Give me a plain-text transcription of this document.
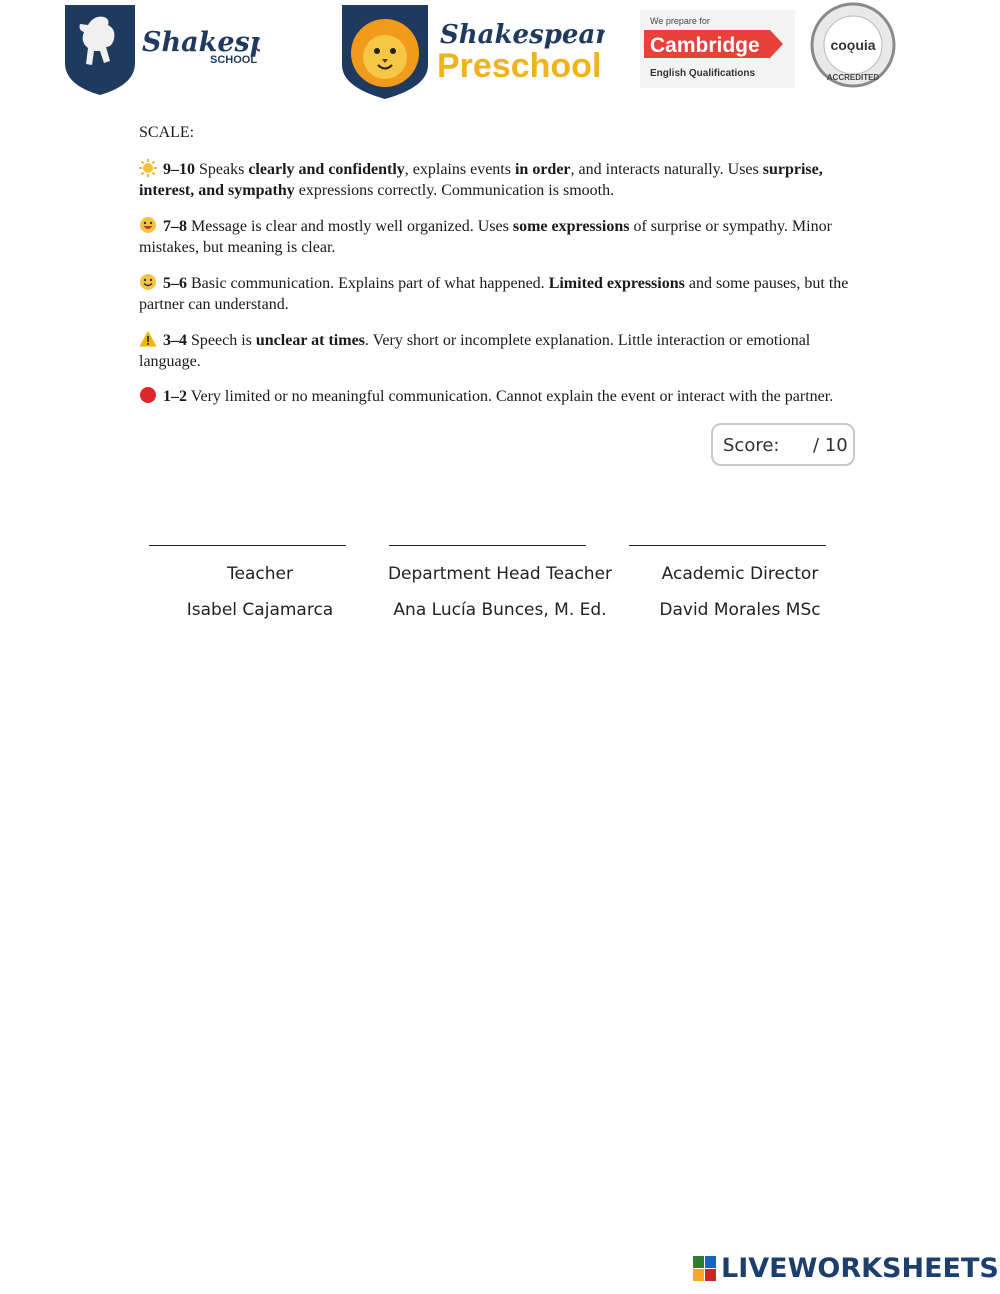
Shakes
SCHOOL
Shakespea
Preschool
We prepare for
Cambridge
English Qualifications
coǫuia
ACCREDITED
SCALE:
9–10 Speaks clearly and confidently, explains events in order, and interacts naturally. Uses surprise, interest, and sympathy expressions correctly. Communication is smooth.
7–8 Message is clear and mostly well organized. Uses some expressions of surprise or sympathy. Minor mistakes, but meaning is clear.
5–6 Basic communication. Explains part of what happened. Limited expressions and some pauses, but the partner can understand.
3–4 Speech is unclear at times. Very short or incomplete explanation. Little interaction or emotional language.
1–2 Very limited or no meaningful communication. Cannot explain the event or interact with the partner.
Score: / 10
Teacher	Department Head Teacher	Academic Director
Isabel Cajamarca	Ana Lucía Bunces, M. Ed.	David Morales MSc
LIVEWORKSHEETS
